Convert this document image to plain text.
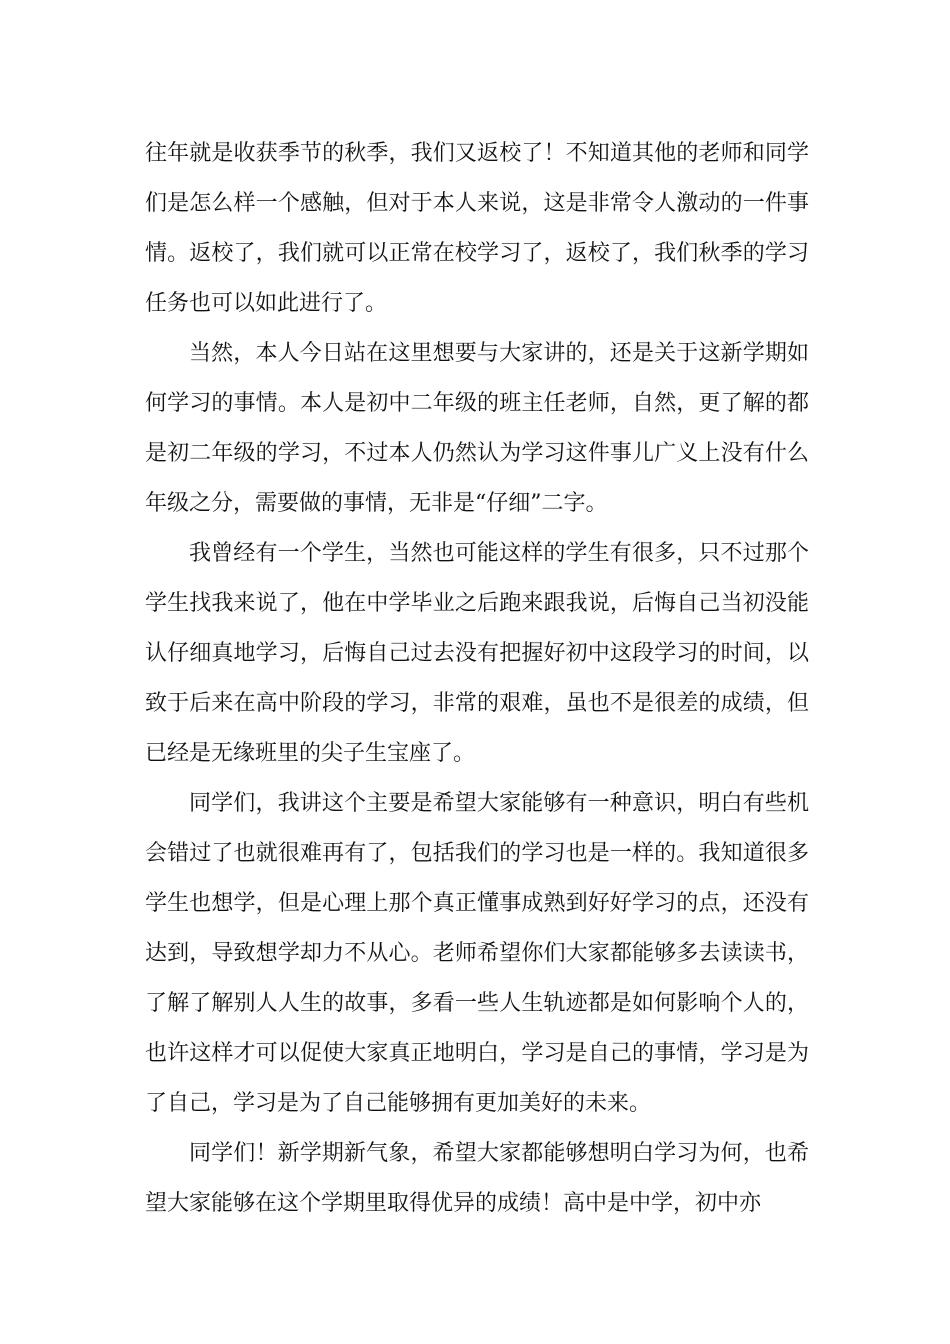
往年就是收获季节的秋季，我们又返校了！不知道其他的老师和同学们是怎么样一个感触，但对于本人来说，这是非常令人激动的一件事情。返校了，我们就可以正常在校学习了，返校了，我们秋季的学习任务也可以如此进行了。

当然，本人今日站在这里想要与大家讲的，还是关于这新学期如何学习的事情。本人是初中二年级的班主任老师，自然，更了解的都是初二年级的学习，不过本人仍然认为学习这件事儿广义上没有什么年级之分，需要做的事情，无非是“仔细”二字。

我曾经有一个学生，当然也可能这样的学生有很多，只不过那个学生找我来说了，他在中学毕业之后跑来跟我说，后悔自己当初没能认仔细真地学习，后悔自己过去没有把握好初中这段学习的时间，以致于后来在高中阶段的学习，非常的艰难，虽也不是很差的成绩，但已经是无缘班里的尖子生宝座了。

同学们，我讲这个主要是希望大家能够有一种意识，明白有些机会错过了也就很难再有了，包括我们的学习也是一样的。我知道很多学生也想学，但是心理上那个真正懂事成熟到好好学习的点，还没有达到，导致想学却力不从心。老师希望你们大家都能够多去读读书，了解了解别人人生的故事，多看一些人生轨迹都是如何影响个人的，也许这样才可以促使大家真正地明白，学习是自己的事情，学习是为了自己，学习是为了自己能够拥有更加美好的未来。

同学们！新学期新气象，希望大家都能够想明白学习为何，也希望大家能够在这个学期里取得优异的成绩！高中是中学，初中亦
